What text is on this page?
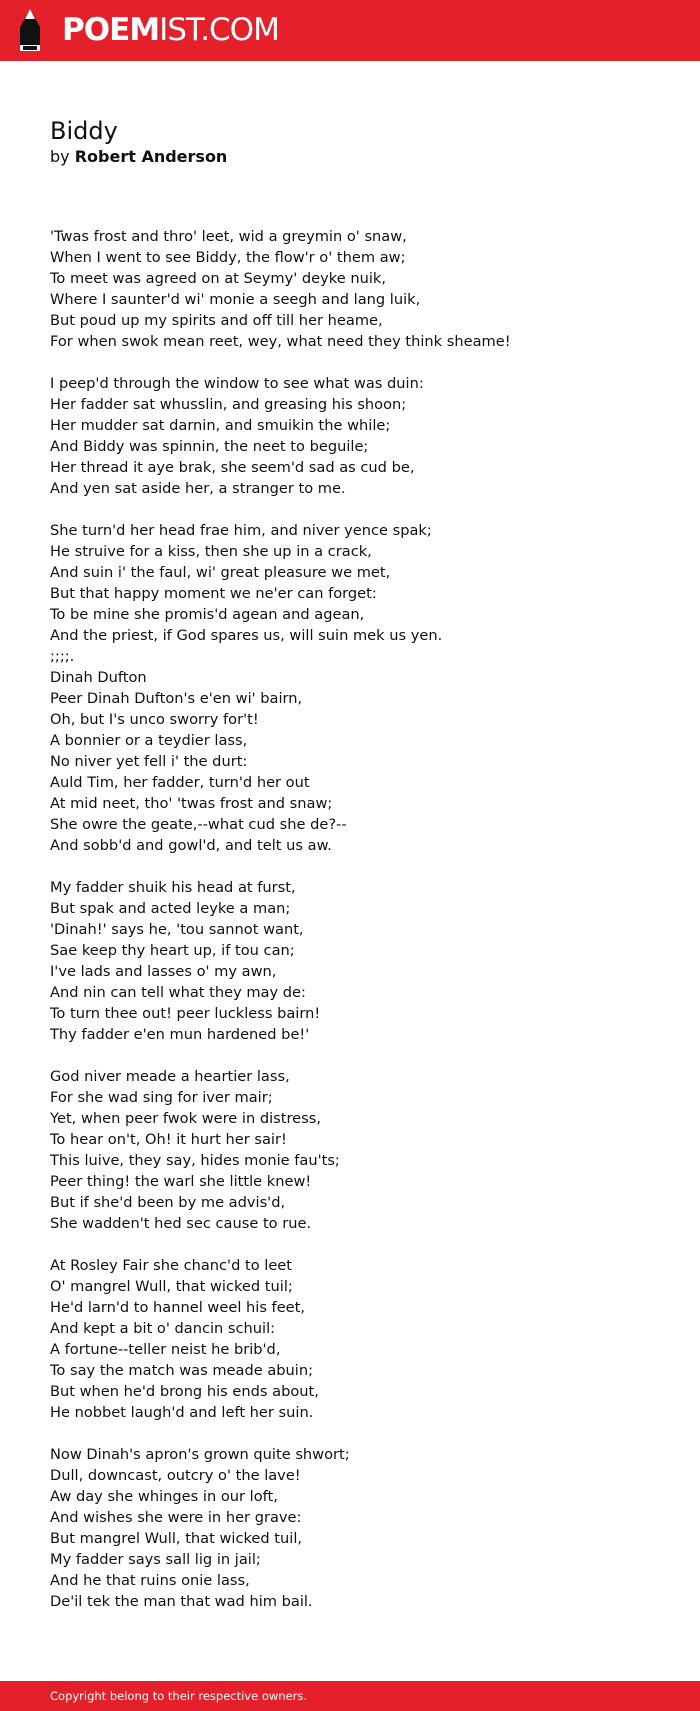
POEMIST.COM
Biddy
by Robert Anderson
'Twas frost and thro' leet, wid a greymin o' snaw,
When I went to see Biddy, the flow'r o' them aw;
To meet was agreed on at Seymy' deyke nuik,
Where I saunter'd wi' monie a seegh and lang luik,
But poud up my spirits and off till her heame,
For when swok mean reet, wey, what need they think sheame!

I peep'd through the window to see what was duin:
Her fadder sat whusslin, and greasing his shoon;
Her mudder sat darnin, and smuikin the while;
And Biddy was spinnin, the neet to beguile;
Her thread it aye brak, she seem'd sad as cud be,
And yen sat aside her, a stranger to me.

She turn'd her head frae him, and niver yence spak;
He struive for a kiss, then she up in a crack,
And suin i' the faul, wi' great pleasure we met,
But that happy moment we ne'er can forget:
To be mine she promis'd agean and agean,
And the priest, if God spares us, will suin mek us yen.
;;;;.
Dinah Dufton
Peer Dinah Dufton's e'en wi' bairn,
Oh, but I's unco sworry for't!
A bonnier or a teydier lass,
No niver yet fell i' the durt:
Auld Tim, her fadder, turn'd her out
At mid neet, tho' 'twas frost and snaw;
She owre the geate,--what cud she de?--
And sobb'd and gowl'd, and telt us aw.

My fadder shuik his head at furst,
But spak and acted leyke a man;
'Dinah!' says he, 'tou sannot want,
Sae keep thy heart up, if tou can;
I've lads and lasses o' my awn,
And nin can tell what they may de:
To turn thee out! peer luckless bairn!
Thy fadder e'en mun hardened be!'

God niver meade a heartier lass,
For she wad sing for iver mair;
Yet, when peer fwok were in distress,
To hear on't, Oh! it hurt her sair!
This luive, they say, hides monie fau'ts;
Peer thing! the warl she little knew!
But if she'd been by me advis'd,
She wadden't hed sec cause to rue.

At Rosley Fair she chanc'd to leet
O' mangrel Wull, that wicked tuil;
He'd larn'd to hannel weel his feet,
And kept a bit o' dancin schuil:
A fortune--teller neist he brib'd,
To say the match was meade abuin;
But when he'd brong his ends about,
He nobbet laugh'd and left her suin.

Now Dinah's apron's grown quite shwort;
Dull, downcast, outcry o' the lave!
Aw day she whinges in our loft,
And wishes she were in her grave:
But mangrel Wull, that wicked tuil,
My fadder says sall lig in jail;
And he that ruins onie lass,
De'il tek the man that wad him bail.
Copyright belong to their respective owners.
